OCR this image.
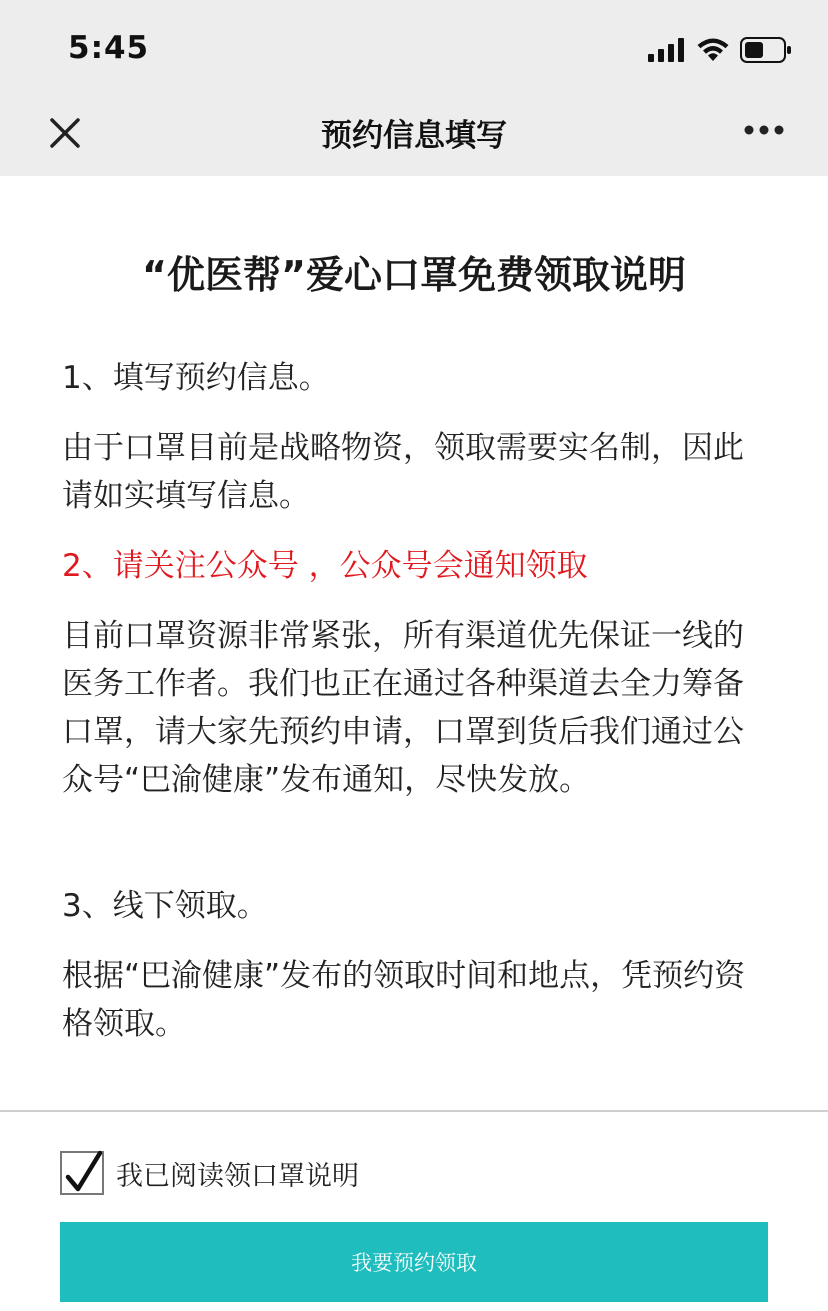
5:45
预约信息填写
“优医帮”爱心口罩免费领取说明
1、填写预约信息。
由于口罩目前是战略物资，领取需要实名制，因此请如实填写信息。
2、请关注公众号 ，公众号会通知领取
目前口罩资源非常紧张，所有渠道优先保证一线的医务工作者。我们也正在通过各种渠道去全力筹备口罩，请大家先预约申请，口罩到货后我们通过公众号“巴渝健康”发布通知，尽快发放。
3、线下领取。
根据“巴渝健康”发布的领取时间和地点，凭预约资格领取。
我已阅读领口罩说明
我要预约领取
